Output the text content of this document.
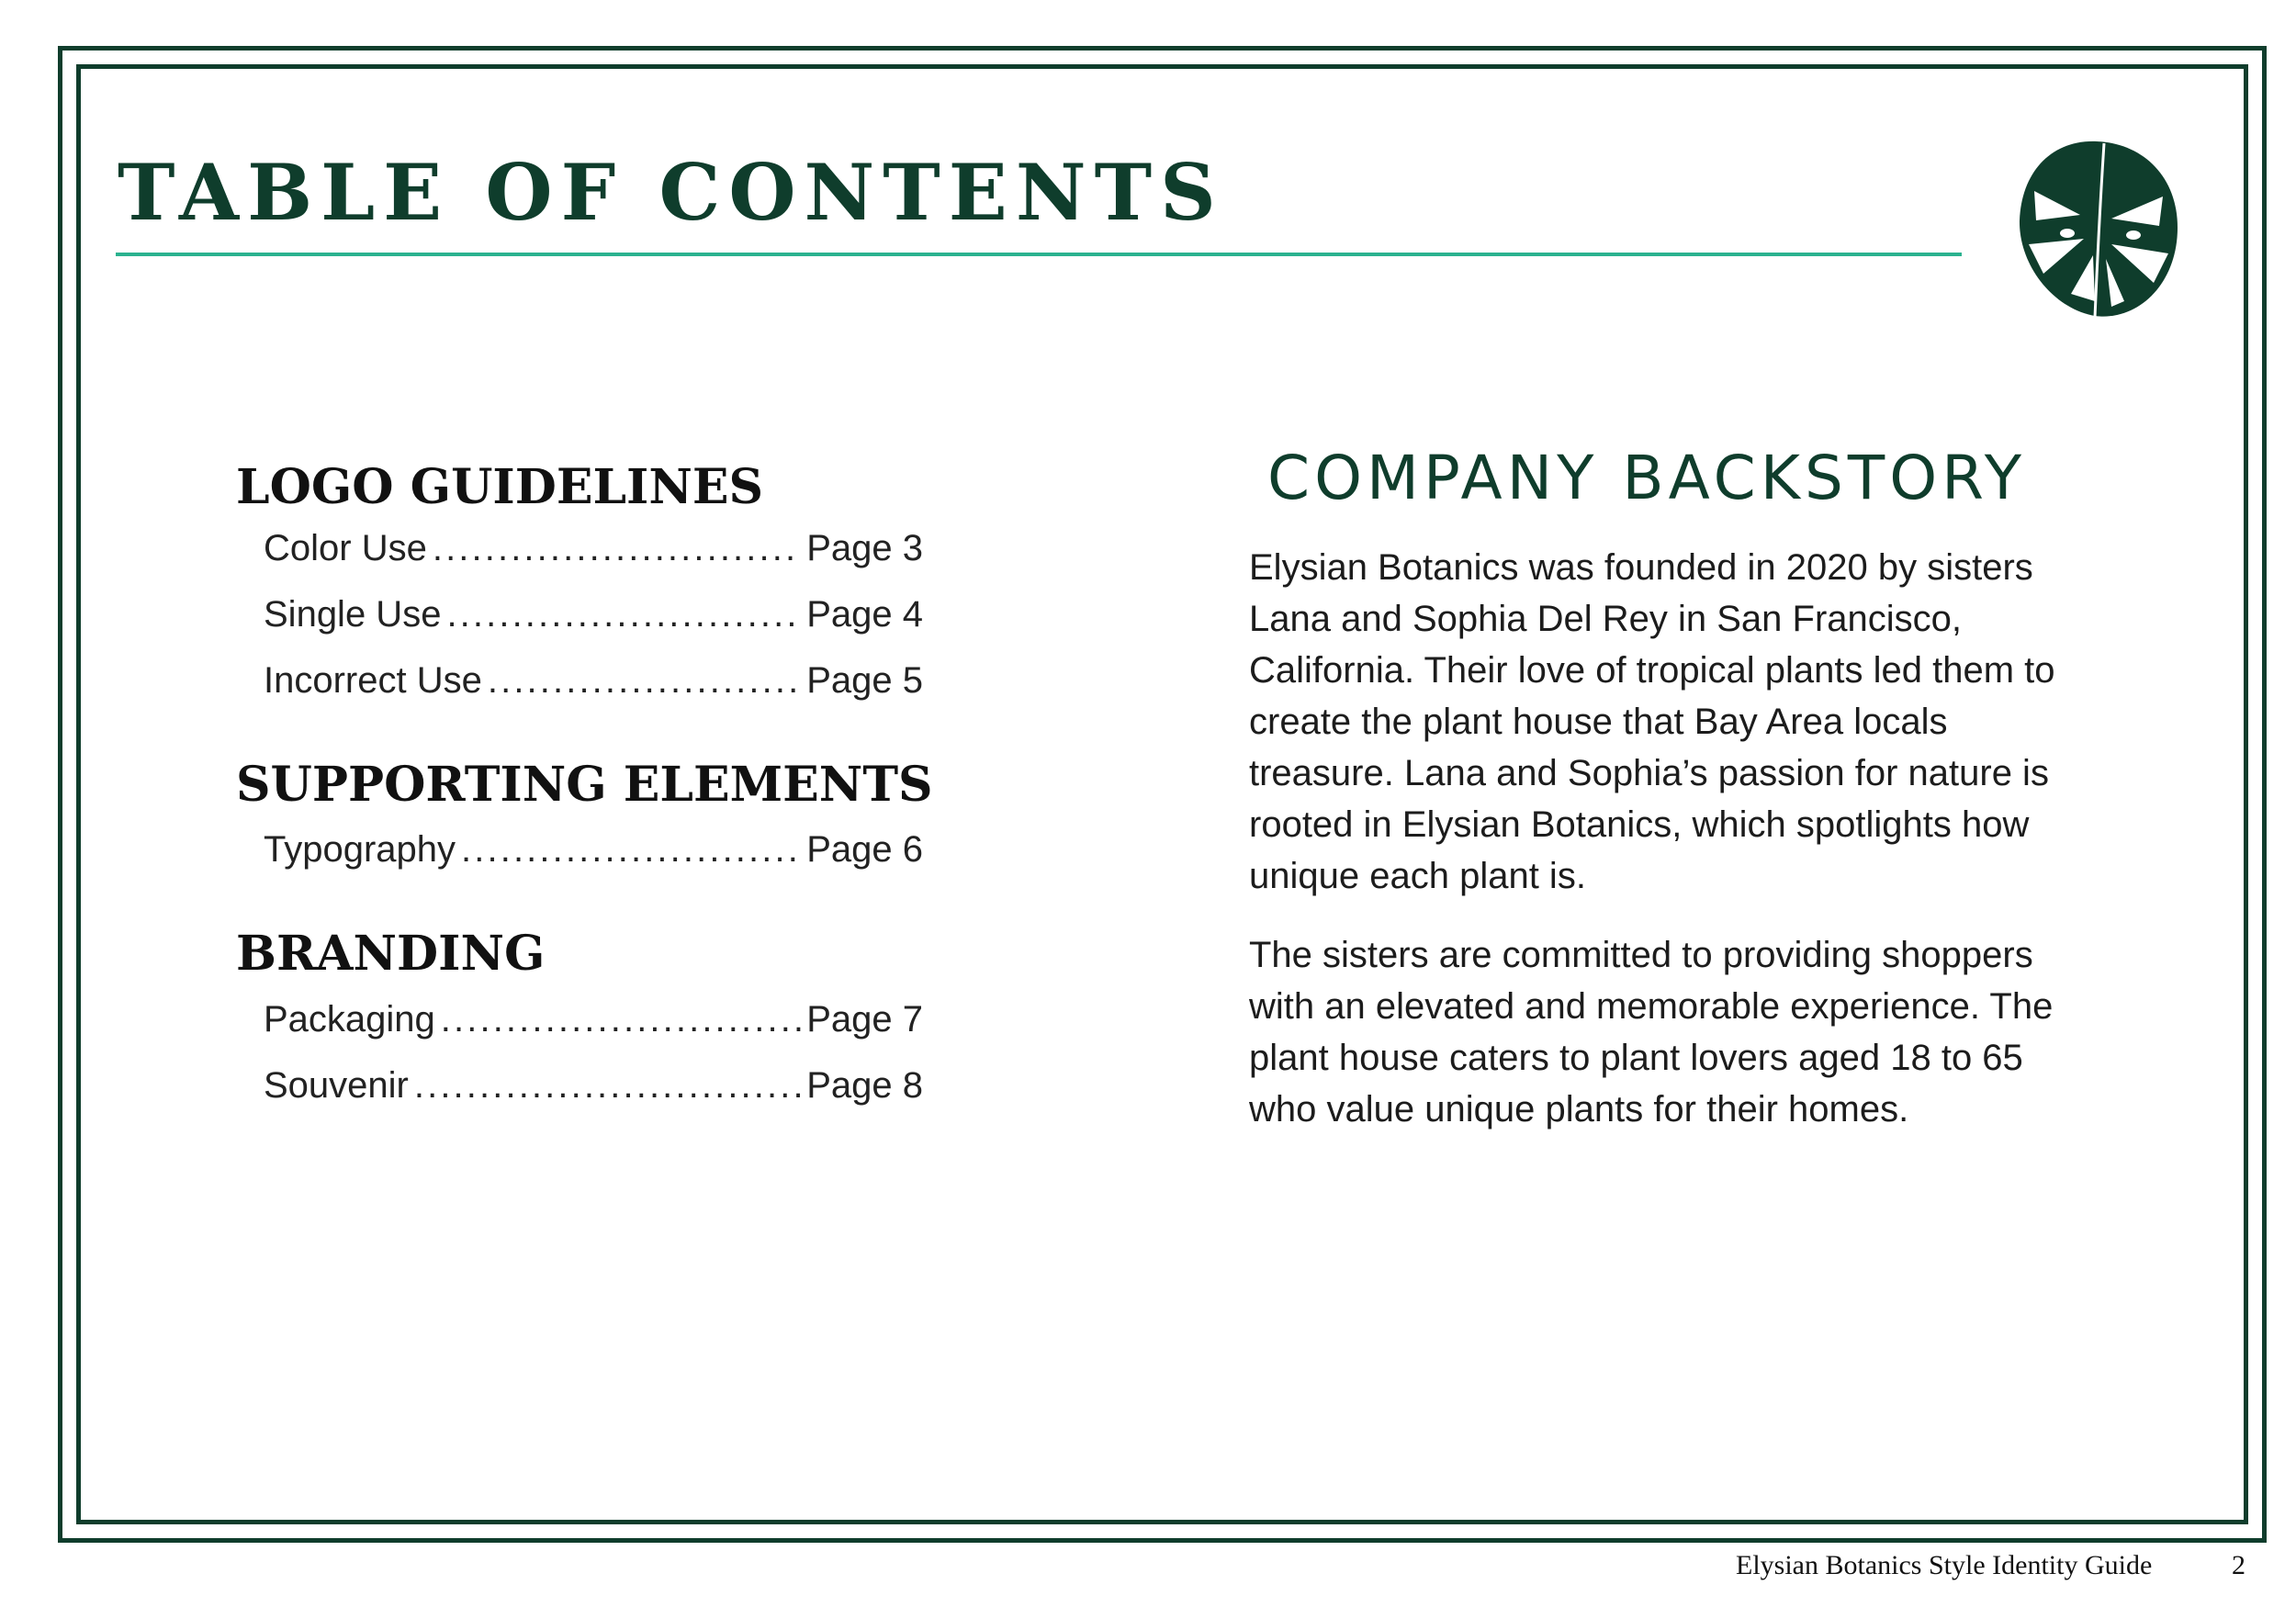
TABLE OF CONTENTS
LOGO GUIDELINES
Color Use . . .	Page 3
Single Use . . .	Page 4
Incorrect Use . . .	Page 5
SUPPORTING ELEMENTS
Typography . . .	Page 6
BRANDING
Packaging . . .	Page 7
Souvenir . . .	Page 8
COMPANY BACKSTORY

Elysian Botanics was founded in 2020 by sisters Lana and Sophia Del Rey in San Francisco, California. Their love of tropical plants led them to create the plant house that Bay Area locals treasure. Lana and Sophia’s passion for nature is rooted in Elysian Botanics, which spotlights how unique each plant is.

The sisters are committed to providing shoppers with an elevated and memorable experience. The plant house caters to plant lovers aged 18 to 65 who value unique plants for their homes.

Elysian Botanics Style Identity Guide	2
